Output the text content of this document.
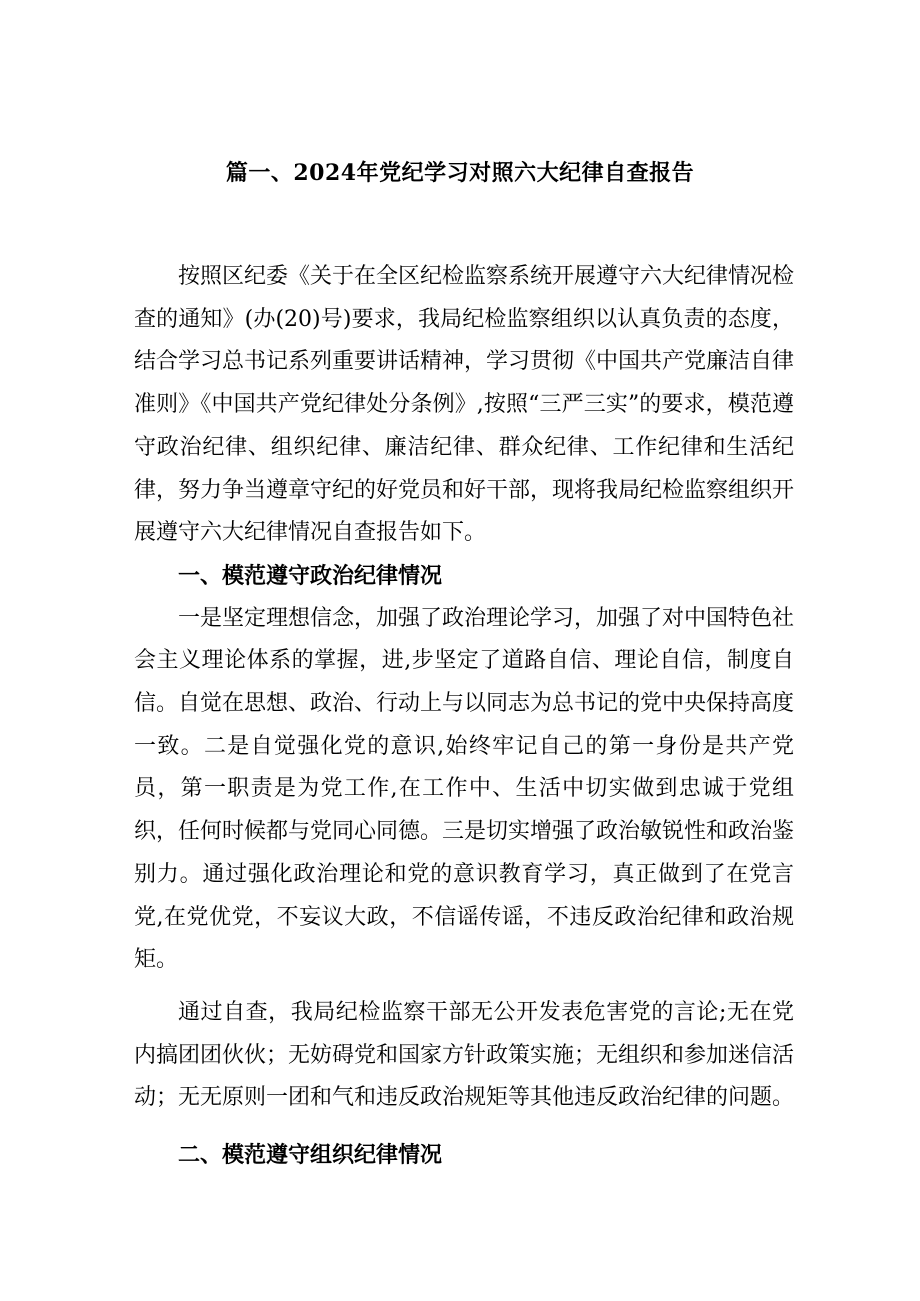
篇一、2024年党纪学习对照六大纪律自查报告

按照区纪委《关于在全区纪检监察系统开展遵守六大纪律情况检查的通知》(办(20)号)要求，我局纪检监察组织以认真负责的态度，结合学习总书记系列重要讲话精神，学习贯彻《中国共产党廉洁自律准则》《中国共产党纪律处分条例》,按照“三严三实”的要求，模范遵守政治纪律、组织纪律、廉洁纪律、群众纪律、工作纪律和生活纪律，努力争当遵章守纪的好党员和好干部，现将我局纪检监察组织开展遵守六大纪律情况自查报告如下。

一、模范遵守政治纪律情况

一是坚定理想信念，加强了政治理论学习，加强了对中国特色社会主义理论体系的掌握，进,步坚定了道路自信、理论自信，制度自信。自觉在思想、政治、行动上与以同志为总书记的党中央保持高度一致。二是自觉强化党的意识,始终牢记自己的第一身份是共产党员，第一职责是为党工作,在工作中、生活中切实做到忠诚于党组织，任何时候都与党同心同德。三是切实增强了政治敏锐性和政治鉴别力。通过强化政治理论和党的意识教育学习，真正做到了在党言党,在党优党，不妄议大政，不信谣传谣，不违反政治纪律和政治规矩。

通过自查，我局纪检监察干部无公开发表危害党的言论;无在党内搞团团伙伙；无妨碍党和国家方针政策实施；无组织和参加迷信活动；无无原则一团和气和违反政治规矩等其他违反政治纪律的问题。

二、模范遵守组织纪律情况
